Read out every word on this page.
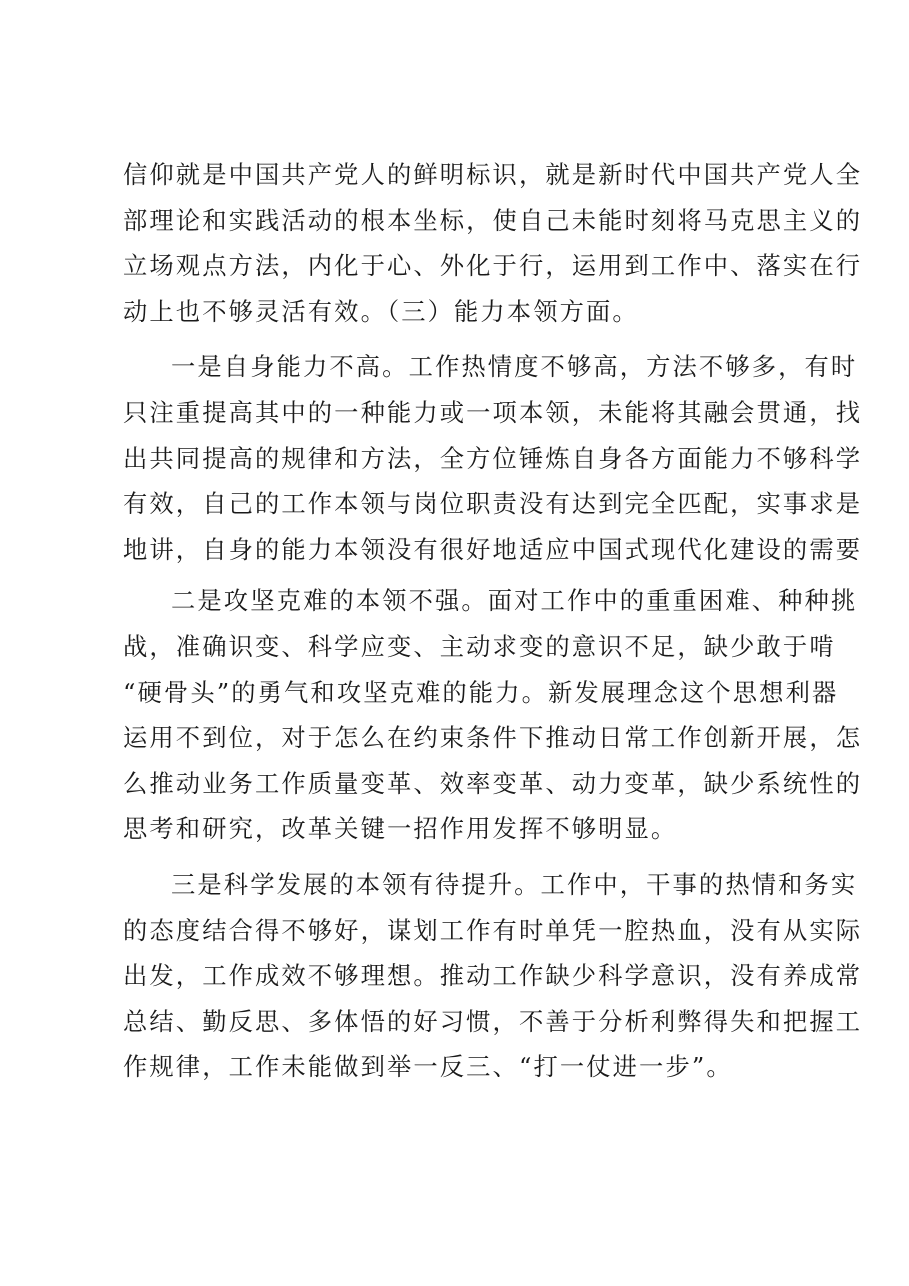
信仰就是中国共产党人的鲜明标识，就是新时代中国共产党人全
部理论和实践活动的根本坐标，使自己未能时刻将马克思主义的
立场观点方法，内化于心、外化于行，运用到工作中、落实在行
动上也不够灵活有效。（三）能力本领方面。

一是自身能力不高。工作热情度不够高，方法不够多，有时
只注重提高其中的一种能力或一项本领，未能将其融会贯通，找
出共同提高的规律和方法，全方位锤炼自身各方面能力不够科学
有效，自己的工作本领与岗位职责没有达到完全匹配，实事求是
地讲，自身的能力本领没有很好地适应中国式现代化建设的需要

二是攻坚克难的本领不强。面对工作中的重重困难、种种挑
战，准确识变、科学应变、主动求变的意识不足，缺少敢于啃
“硬骨头”的勇气和攻坚克难的能力。新发展理念这个思想利器
运用不到位，对于怎么在约束条件下推动日常工作创新开展，怎
么推动业务工作质量变革、效率变革、动力变革，缺少系统性的
思考和研究，改革关键一招作用发挥不够明显。

三是科学发展的本领有待提升。工作中，干事的热情和务实
的态度结合得不够好，谋划工作有时单凭一腔热血，没有从实际
出发，工作成效不够理想。推动工作缺少科学意识，没有养成常
总结、勤反思、多体悟的好习惯，不善于分析利弊得失和把握工
作规律，工作未能做到举一反三、“打一仗进一步”。
